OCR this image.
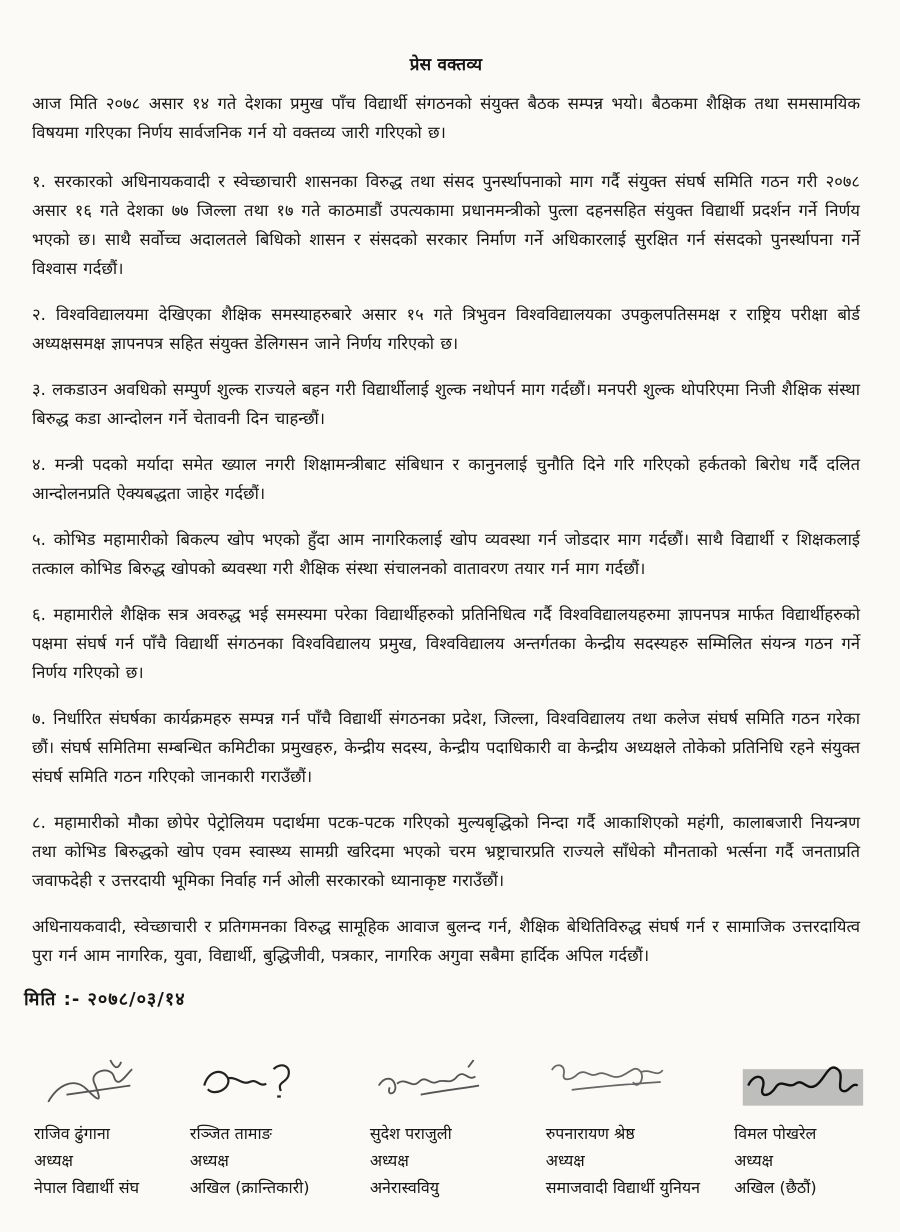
प्रेस वक्तव्य

आज मिति २०७८ असार १४ गते देशका प्रमुख पाँच विद्यार्थी संगठनको संयुक्त बैठक सम्पन्न भयो। बैठकमा शैक्षिक तथा समसामयिक विषयमा गरिएका निर्णय सार्वजनिक गर्न यो वक्तव्य जारी गरिएको छ।

१. सरकारको अधिनायकवादी र स्वेच्छाचारी शासनका विरुद्ध तथा संसद पुनर्स्थापनाको माग गर्दै संयुक्त संघर्ष समिति गठन गरी २०७८ असार १६ गते देशका ७७ जिल्ला तथा १७ गते काठमाडौं उपत्यकामा प्रधानमन्त्रीको पुत्ला दहनसहित संयुक्त विद्यार्थी प्रदर्शन गर्ने निर्णय भएको छ। साथै सर्वोच्च अदालतले बिधिको शासन र संसदको सरकार निर्माण गर्ने अधिकारलाई सुरक्षित गर्न संसदको पुनर्स्थापना गर्ने विश्वास गर्दछौं।

२. विश्वविद्यालयमा देखिएका शैक्षिक समस्याहरुबारे असार १५ गते त्रिभुवन विश्वविद्यालयका उपकुलपतिसमक्ष र राष्ट्रिय परीक्षा बोर्ड अध्यक्षसमक्ष ज्ञापनपत्र सहित संयुक्त डेलिगसन जाने निर्णय गरिएको छ।

३. लकडाउन अवधिको सम्पुर्ण शुल्क राज्यले बहन गरी विद्यार्थीलाई शुल्क नथोपर्न माग गर्दछौं। मनपरी शुल्क थोपरिएमा निजी शैक्षिक संस्था बिरुद्ध कडा आन्दोलन गर्ने चेतावनी दिन चाहन्छौं।

४. मन्त्री पदको मर्यादा समेत ख्याल नगरी शिक्षामन्त्रीबाट संबिधान र कानुनलाई चुनौति दिने गरि गरिएको हर्कतको बिरोध गर्दै दलित आन्दोलनप्रति ऐक्यबद्धता जाहेर गर्दछौं।

५. कोभिड महामारीको बिकल्प खोप भएको हुँदा आम नागरिकलाई खोप व्यवस्था गर्न जोडदार माग गर्दछौं। साथै विद्यार्थी र शिक्षकलाई तत्काल कोभिड बिरुद्ध खोपको ब्यवस्था गरी शैक्षिक संस्था संचालनको वातावरण तयार गर्न माग गर्दछौं।

६. महामारीले शैक्षिक सत्र अवरुद्ध भई समस्यमा परेका विद्यार्थीहरुको प्रतिनिधित्व गर्दै विश्वविद्यालयहरुमा ज्ञापनपत्र मार्फत विद्यार्थीहरुको पक्षमा संघर्ष गर्न पाँचै विद्यार्थी संगठनका विश्वविद्यालय प्रमुख, विश्वविद्यालय अन्तर्गतका केन्द्रीय सदस्यहरु सम्मिलित संयन्त्र गठन गर्ने निर्णय गरिएको छ।

७. निर्धारित संघर्षका कार्यक्रमहरु सम्पन्न गर्न पाँचै विद्यार्थी संगठनका प्रदेश, जिल्ला, विश्वविद्यालय तथा कलेज संघर्ष समिति गठन गरेका छौं। संघर्ष समितिमा सम्बन्धित कमिटीका प्रमुखहरु, केन्द्रीय सदस्य, केन्द्रीय पदाधिकारी वा केन्द्रीय अध्यक्षले तोकेको प्रतिनिधि रहने संयुक्त संघर्ष समिति गठन गरिएको जानकारी गराउँछौं।

८. महामारीको मौका छोपेर पेट्रोलियम पदार्थमा पटक-पटक गरिएको मुल्यबृद्धिको निन्दा गर्दै आकाशिएको महंगी, कालाबजारी नियन्त्रण तथा कोभिड बिरुद्धको खोप एवम स्वास्थ्य सामग्री खरिदमा भएको चरम भ्रष्ट्राचारप्रति राज्यले साँधेको मौनताको भर्त्सना गर्दै जनताप्रति जवाफदेही र उत्तरदायी भूमिका निर्वाह गर्न ओली सरकारको ध्यानाकृष्ट गराउँछौं।

अधिनायकवादी, स्वेच्छाचारी र प्रतिगमनका विरुद्ध सामूहिक आवाज बुलन्द गर्न, शैक्षिक बेथितिविरुद्ध संघर्ष गर्न र सामाजिक उत्तरदायित्व पुरा गर्न आम नागरिक, युवा, विद्यार्थी, बुद्धिजीवी, पत्रकार, नागरिक अगुवा सबैमा हार्दिक अपिल गर्दछौं।

मिति :- २०७८/०३/१४
राजिव ढुंगाना
अध्यक्ष
नेपाल विद्यार्थी संघ
रञ्जित तामाङ
अध्यक्ष
अखिल (क्रान्तिकारी)
सुदेश पराजुली
अध्यक्ष
अनेरास्ववियु
रुपनारायण श्रेष्ठ
अध्यक्ष
समाजवादी विद्यार्थी युनियन
विमल पोखरेल
अध्यक्ष
अखिल (छैठौं)
